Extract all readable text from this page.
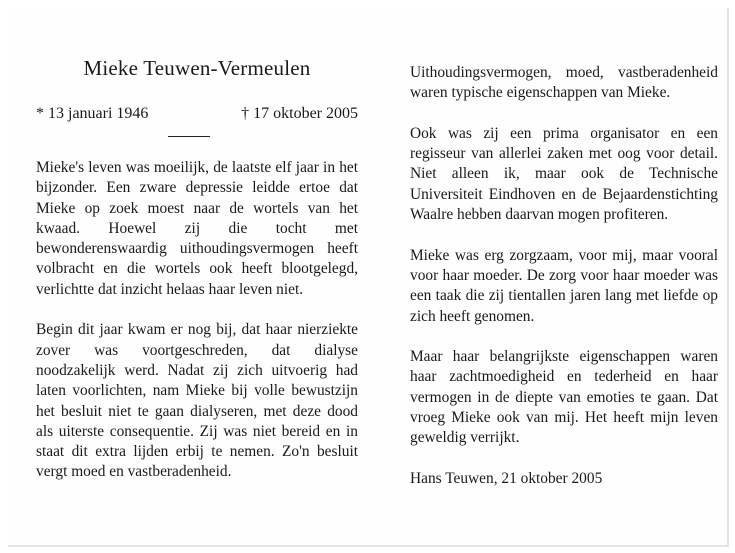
Mieke Teuwen-Vermeulen
* 13 januari 1946	† 17 oktober 2005

Mieke's leven was moeilijk, de laatste elf jaar in het bijzonder. Een zware depressie leidde ertoe dat Mieke op zoek moest naar de wortels van het kwaad. Hoewel zij die tocht met bewonderenswaardig uithoudingsvermogen heeft volbracht en die wortels ook heeft blootgelegd, verlichtte dat inzicht helaas haar leven niet.

Begin dit jaar kwam er nog bij, dat haar nierziekte zover was voortgeschreden, dat dialyse noodzakelijk werd. Nadat zij zich uitvoerig had laten voorlichten, nam Mieke bij volle bewustzijn het besluit niet te gaan dialyseren, met deze dood als uiterste consequentie. Zij was niet bereid en in staat dit extra lijden erbij te nemen. Zo'n besluit vergt moed en vastberadenheid.

Uithoudingsvermogen, moed, vastberadenheid waren typische eigenschappen van Mieke.

Ook was zij een prima organisator en een regisseur van allerlei zaken met oog voor detail. Niet alleen ik, maar ook de Technische Universiteit Eindhoven en de Bejaardenstichting Waalre hebben daarvan mogen profiteren.

Mieke was erg zorgzaam, voor mij, maar vooral voor haar moeder. De zorg voor haar moeder was een taak die zij tientallen jaren lang met liefde op zich heeft genomen.

Maar haar belangrijkste eigenschappen waren haar zachtmoedigheid en tederheid en haar vermogen in de diepte van emoties te gaan. Dat vroeg Mieke ook van mij. Het heeft mijn leven geweldig verrijkt.

Hans Teuwen, 21 oktober 2005
